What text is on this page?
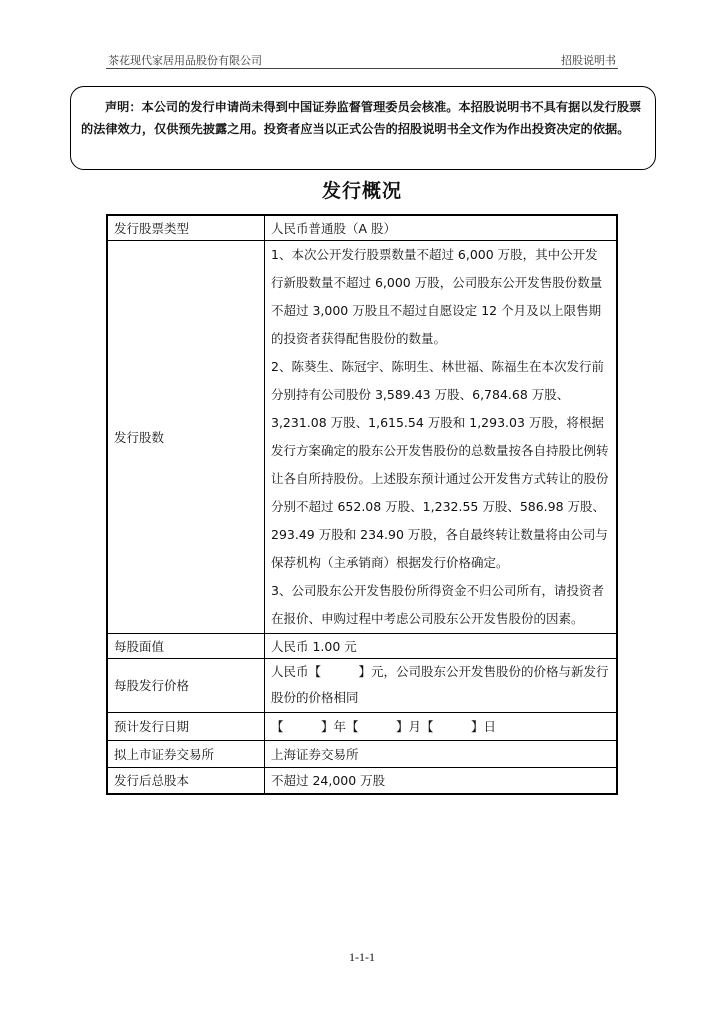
茶花现代家居用品股份有限公司	招股说明书

声明：本公司的发行申请尚未得到中国证券监督管理委员会核准。本招股说明书不具有据以发行股票的法律效力，仅供预先披露之用。投资者应当以正式公告的招股说明书全文作为作出投资决定的依据。

发行概况
发行股票类型	人民币普通股（A 股）
发行股数	1、本次公开发行股票数量不超过 6,000 万股，其中公开发行新股数量不超过 6,000 万股，公司股东公开发售股份数量不超过 3,000 万股且不超过自愿设定 12 个月及以上限售期的投资者获得配售股份的数量。

2、陈葵生、陈冠宇、陈明生、林世福、陈福生在本次发行前分别持有公司股份 3,589.43 万股、6,784.68 万股、3,231.08 万股、1,615.54 万股和 1,293.03 万股，将根据发行方案确定的股东公开发售股份的总数量按各自持股比例转让各自所持股份。上述股东预计通过公开发售方式转让的股份分别不超过 652.08 万股、1,232.55 万股、586.98 万股、293.49 万股和 234.90 万股，各自最终转让数量将由公司与保荐机构（主承销商）根据发行价格确定。

3、公司股东公开发售股份所得资金不归公司所有，请投资者在报价、申购过程中考虑公司股东公开发售股份的因素。

每股面值	人民币 1.00 元
每股发行价格	人民币【　　　】元，公司股东公开发售股份的价格与新发行股份的价格相同
预计发行日期	【　　　】年【　　　】月【　　　】日
拟上市证券交易所	上海证券交易所
发行后总股本	不超过 24,000 万股
1-1-1
